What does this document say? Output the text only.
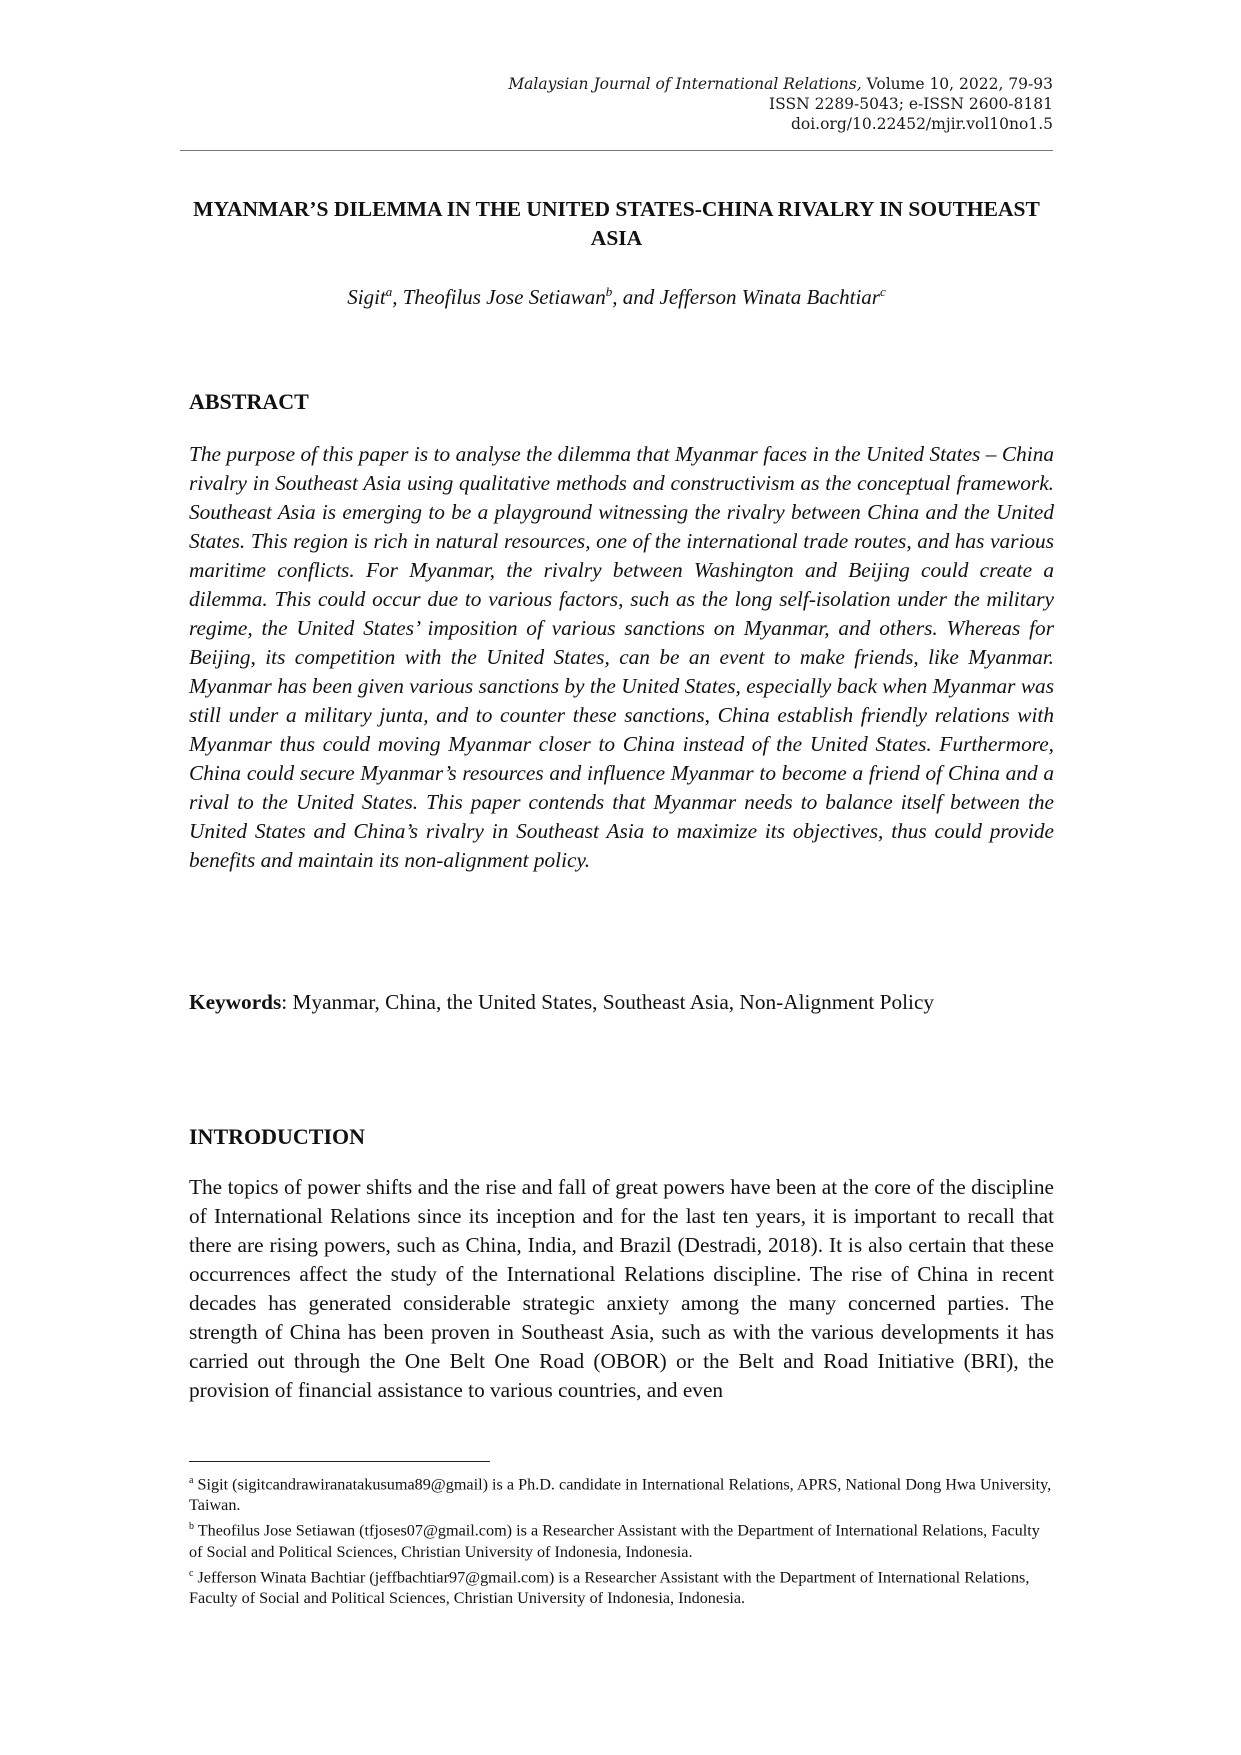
Malaysian Journal of International Relations, Volume 10, 2022, 79-93
ISSN 2289-5043; e-ISSN 2600-8181
doi.org/10.22452/mjir.vol10no1.5
MYANMAR’S DILEMMA IN THE UNITED STATES-CHINA RIVALRY IN SOUTHEAST ASIA
Sigit$^a$, Theofilus Jose Setiawan$^b$, and Jefferson Winata Bachtiar$^c$
ABSTRACT

The purpose of this paper is to analyse the dilemma that Myanmar faces in the United States – China rivalry in Southeast Asia using qualitative methods and constructivism as the conceptual framework. Southeast Asia is emerging to be a playground witnessing the rivalry between China and the United States. This region is rich in natural resources, one of the international trade routes, and has various maritime conflicts. For Myanmar, the rivalry between Washington and Beijing could create a dilemma. This could occur due to various factors, such as the long self-isolation under the military regime, the United States’ imposition of various sanctions on Myanmar, and others. Whereas for Beijing, its competition with the United States, can be an event to make friends, like Myanmar. Myanmar has been given various sanctions by the United States, especially back when Myanmar was still under a military junta, and to counter these sanctions, China establish friendly relations with Myanmar thus could moving Myanmar closer to China instead of the United States. Furthermore, China could secure Myanmar’s resources and influence Myanmar to become a friend of China and a rival to the United States. This paper contends that Myanmar needs to balance itself between the United States and China’s rivalry in Southeast Asia to maximize its objectives, thus could provide benefits and maintain its non-alignment policy.

Keywords: Myanmar, China, the United States, Southeast Asia, Non-Alignment Policy

INTRODUCTION

The topics of power shifts and the rise and fall of great powers have been at the core of the discipline of International Relations since its inception and for the last ten years, it is important to recall that there are rising powers, such as China, India, and Brazil (Destradi, 2018). It is also certain that these occurrences affect the study of the International Relations discipline. The rise of China in recent decades has generated considerable strategic anxiety among the many concerned parties. The strength of China has been proven in Southeast Asia, such as with the various developments it has carried out through the One Belt One Road (OBOR) or the Belt and Road Initiative (BRI), the provision of financial assistance to various countries, and even

$^a$ Sigit (sigitcandrawiranatakusuma89@gmail) is a Ph.D. candidate in International Relations, APRS, National Dong Hwa University, Taiwan.

$^b$ Theofilus Jose Setiawan (tfjoses07@gmail.com) is a Researcher Assistant with the Department of International Relations, Faculty of Social and Political Sciences, Christian University of Indonesia, Indonesia.

$^c$ Jefferson Winata Bachtiar (jeffbachtiar97@gmail.com) is a Researcher Assistant with the Department of International Relations, Faculty of Social and Political Sciences, Christian University of Indonesia, Indonesia.
